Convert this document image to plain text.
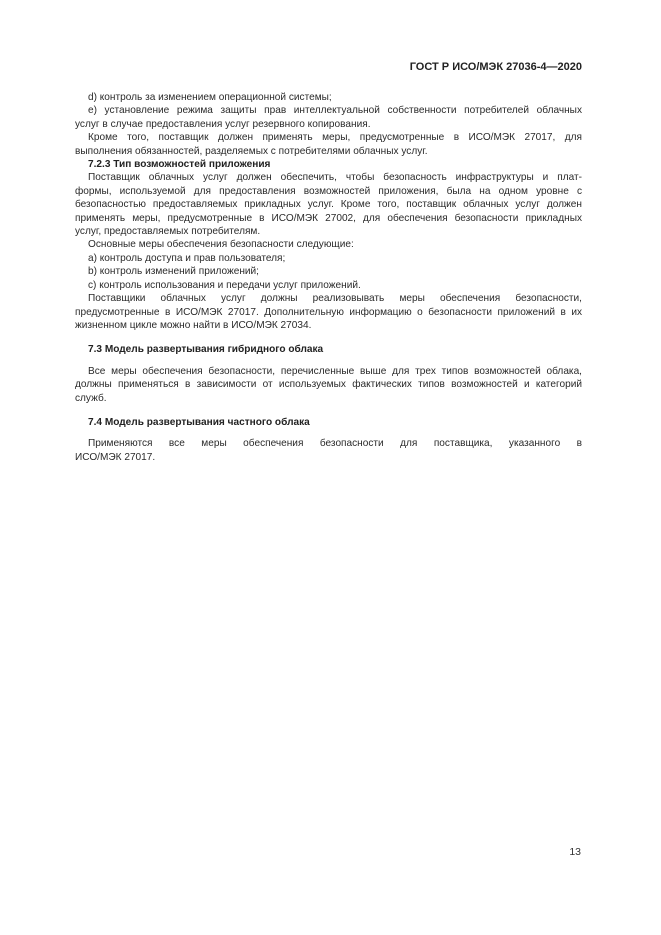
ГОСТ Р ИСО/МЭК 27036-4—2020

d) контроль за изменением операционной системы;

e) установление режима защиты прав интеллектуальной собственности потребителей облачных

услуг в случае предоставления услуг резервного копирования.

Кроме того, поставщик должен применять меры, предусмотренные в ИСО/МЭК 27017, для

выполнения обязанностей, разделяемых с потребителями облачных услуг.

7.2.3 Тип возможностей приложения

Поставщик облачных услуг должен обеспечить, чтобы безопасность инфраструктуры и плат-

формы, используемой для предоставления возможностей приложения, была на одном уровне с

безопасностью предоставляемых прикладных услуг. Кроме того, поставщик облачных услуг должен

применять меры, предусмотренные в ИСО/МЭК 27002, для обеспечения безопасности прикладных

услуг, предоставляемых потребителям.

Основные меры обеспечения безопасности следующие:

a) контроль доступа и прав пользователя;

b) контроль изменений приложений;

c) контроль использования и передачи услуг приложений.

Поставщики облачных услуг должны реализовывать меры обеспечения безопасности,

предусмотренные в ИСО/МЭК 27017. Дополнительную информацию о безопасности приложений в их

жизненном цикле можно найти в ИСО/МЭК 27034.

7.3 Модель развертывания гибридного облака

Все меры обеспечения безопасности, перечисленные выше для трех типов возможностей облака,

должны применяться в зависимости от используемых фактических типов возможностей и категорий

служб.

7.4 Модель развертывания частного облака

Применяются все меры обеспечения безопасности для поставщика, указанного в

ИСО/МЭК 27017.

13
